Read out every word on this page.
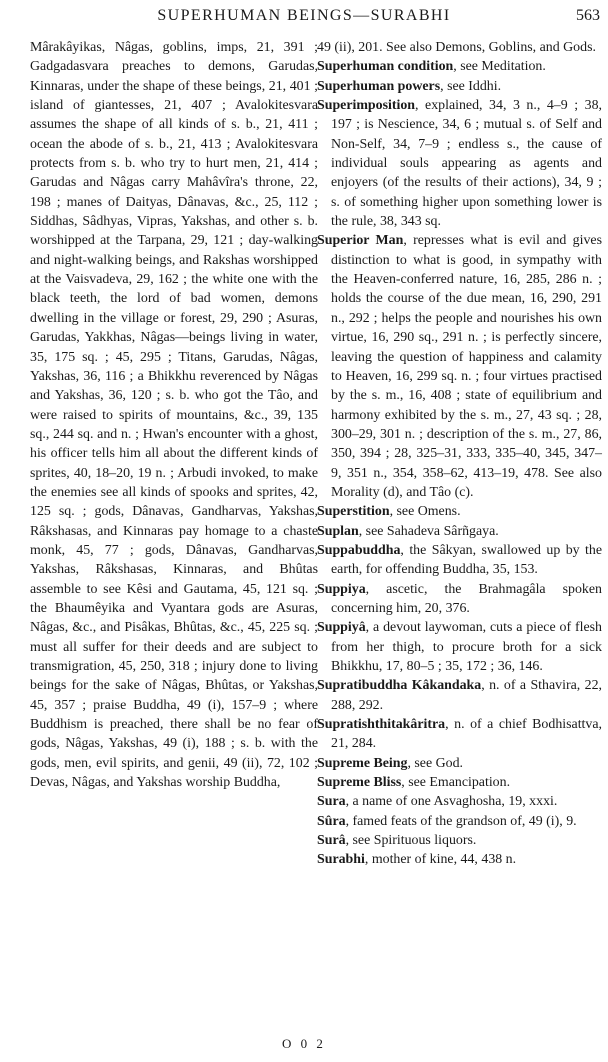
SUPERHUMAN BEINGS—SURABHI	563

Mârakâyikas, Nâgas, goblins, imps, 21, 391 ; Gadgadasvara preaches to demons, Garudas, Kinnaras, under the shape of these beings, 21, 401 ; island of giantesses, 21, 407 ; Avalokitesvara assumes the shape of all kinds of s. b., 21, 411 ; ocean the abode of s. b., 21, 413 ; Avalokitesvara protects from s. b. who try to hurt men, 21, 414 ; Garudas and Nâgas carry Mahâvîra's throne, 22, 198 ; manes of Daityas, Dânavas, &c., 25, 112 ; Siddhas, Sâdhyas, Vipras, Yakshas, and other s. b. worshipped at the Tarpana, 29, 121 ; day-walking and night-walking beings, and Rakshas worshipped at the Vaisvadeva, 29, 162 ; the white one with the black teeth, the lord of bad women, demons dwelling in the village or forest, 29, 290 ; Asuras, Garudas, Yakkhas, Nâgas—beings living in water, 35, 175 sq. ; 45, 295 ; Titans, Garudas, Nâgas, Yakshas, 36, 116 ; a Bhikkhu reverenced by Nâgas and Yakshas, 36, 120 ; s. b. who got the Tâo, and were raised to spirits of mountains, &c., 39, 135 sq., 244 sq. and n. ; Hwan's encounter with a ghost, his officer tells him all about the different kinds of sprites, 40, 18–20, 19 n. ; Arbudi invoked, to make the enemies see all kinds of spooks and sprites, 42, 125 sq. ; gods, Dânavas, Gandharvas, Yakshas, Râkshasas, and Kinnaras pay homage to a chaste monk, 45, 77 ; gods, Dânavas, Gandharvas, Yakshas, Râkshasas, Kinnaras, and Bhûtas assemble to see Kêsi and Gautama, 45, 121 sq. ; the Bhaumêyika and Vyantara gods are Asuras, Nâgas, &c., and Pisâkas, Bhûtas, &c., 45, 225 sq. ; must all suffer for their deeds and are subject to transmigration, 45, 250, 318 ; injury done to living beings for the sake of Nâgas, Bhûtas, or Yakshas, 45, 357 ; praise Buddha, 49 (i), 157–9 ; where Buddhism is preached, there shall be no fear of gods, Nâgas, Yakshas, 49 (i), 188 ; s. b. with the gods, men, evil spirits, and genii, 49 (ii), 72, 102 ; Devas, Nâgas, and Yakshas worship Buddha,

49 (ii), 201. See also Demons, Goblins, and Gods.

Superhuman condition, see Meditation.

Superhuman powers, see Iddhi.

Superimposition, explained, 34, 3 n., 4–9 ; 38, 197 ; is Nescience, 34, 6 ; mutual s. of Self and Non-Self, 34, 7–9 ; endless s., the cause of individual souls appearing as agents and enjoyers (of the results of their actions), 34, 9 ; s. of something higher upon something lower is the rule, 38, 343 sq.

Superior Man, represses what is evil and gives distinction to what is good, in sympathy with the Heaven-conferred nature, 16, 285, 286 n. ; holds the course of the due mean, 16, 290, 291 n., 292 ; helps the people and nourishes his own virtue, 16, 290 sq., 291 n. ; is perfectly sincere, leaving the question of happiness and calamity to Heaven, 16, 299 sq. n. ; four virtues practised by the s. m., 16, 408 ; state of equilibrium and harmony exhibited by the s. m., 27, 43 sq. ; 28, 300–29, 301 n. ; description of the s. m., 27, 86, 350, 394 ; 28, 325–31, 333, 335–40, 345, 347–9, 351 n., 354, 358–62, 413–19, 478. See also Morality (d), and Tâo (c).

Superstition, see Omens.

Suplan, see Sahadeva Sârñgaya.

Suppabuddha, the Sâkyan, swallowed up by the earth, for offending Buddha, 35, 153.

Suppiya, ascetic, the Brahmagâla spoken concerning him, 20, 376.

Suppiyâ, a devout laywoman, cuts a piece of flesh from her thigh, to procure broth for a sick Bhikkhu, 17, 80–5 ; 35, 172 ; 36, 146.

Supratibuddha Kâkandaka, n. of a Sthavira, 22, 288, 292.

Supratishthitakâritra, n. of a chief Bodhisattva, 21, 284.

Supreme Being, see God.

Supreme Bliss, see Emancipation.

Sura, a name of one Asvaghosha, 19, xxxi.

Sûra, famed feats of the grandson of, 49 (i), 9.

Surâ, see Spirituous liquors.

Surabhi, mother of kine, 44, 438 n.

O 0 2
